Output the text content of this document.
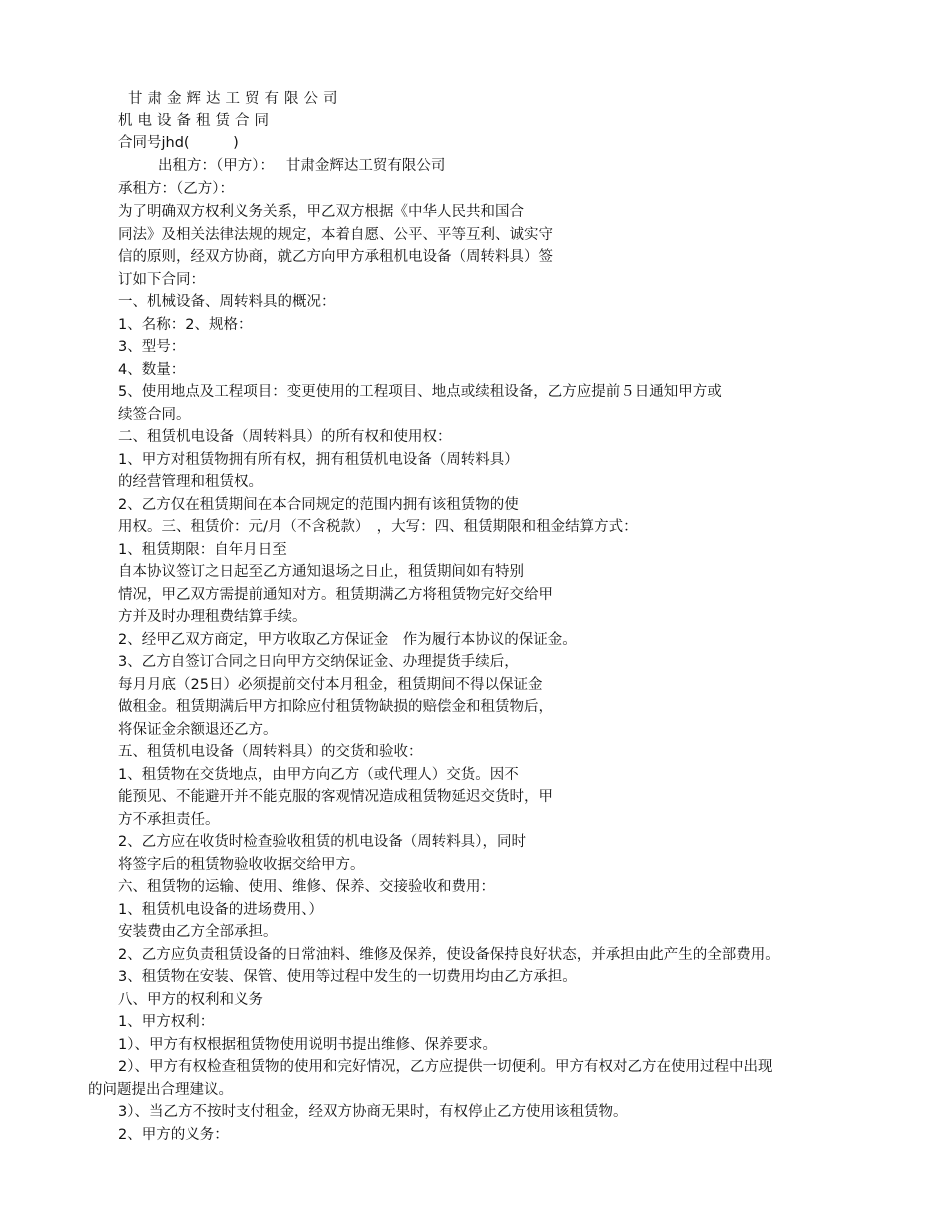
甘肃金辉达工贸有限公司
机电设备租赁合同
合同号jhd(　　　)
出租方：（甲方）：　 甘肃金辉达工贸有限公司
承租方：（乙方）：
为了明确双方权利义务关系，甲乙双方根据《中华人民共和国合
同法》及相关法律法规的规定，本着自愿、公平、平等互利、诚实守
信的原则，经双方协商，就乙方向甲方承租机电设备（周转料具）签
订如下合同：
一、机械设备、周转料具的概况：
1、名称：2、规格：
3、型号：
4、数量：
5、使用地点及工程项目：变更使用的工程项目、地点或续租设备，乙方应提前５日通知甲方或
续签合同。
二、租赁机电设备（周转料具）的所有权和使用权：
1、甲方对租赁物拥有所有权，拥有租赁机电设备（周转料具）
的经营管理和租赁权。
2、乙方仅在租赁期间在本合同规定的范围内拥有该租赁物的使
用权。三、租赁价：元/月（不含税款）　，大写：四、租赁期限和租金结算方式：
1、租赁期限：自年月日至
自本协议签订之日起至乙方通知退场之日止，租赁期间如有特别
情况，甲乙双方需提前通知对方。租赁期满乙方将租赁物完好交给甲
方并及时办理租费结算手续。
2、经甲乙双方商定，甲方收取乙方保证金　作为履行本协议的保证金。
3、乙方自签订合同之日向甲方交纳保证金、办理提货手续后，
每月月底（25日）必须提前交付本月租金，租赁期间不得以保证金
做租金。租赁期满后甲方扣除应付租赁物缺损的赔偿金和租赁物后，
将保证金余额退还乙方。
五、租赁机电设备（周转料具）的交货和验收：
1、租赁物在交货地点，由甲方向乙方（或代理人）交货。因不
能预见、不能避开并不能克服的客观情况造成租赁物延迟交货时，甲
方不承担责任。
2、乙方应在收货时检查验收租赁的机电设备（周转料具），同时
将签字后的租赁物验收收据交给甲方。
六、租赁物的运输、使用、维修、保养、交接验收和费用：
1、租赁机电设备的进场费用、）
安装费由乙方全部承担。
2、乙方应负责租赁设备的日常油料、维修及保养，使设备保持良好状态，并承担由此产生的全部费用。
3、租赁物在安装、保管、使用等过程中发生的一切费用均由乙方承担。
八、甲方的权利和义务
1、甲方权利：
1）、甲方有权根据租赁物使用说明书提出维修、保养要求。
2）、甲方有权检查租赁物的使用和完好情况，乙方应提供一切便利。甲方有权对乙方在使用过程中出现
的问题提出合理建议。
3）、当乙方不按时支付租金，经双方协商无果时，有权停止乙方使用该租赁物。
2、甲方的义务：
